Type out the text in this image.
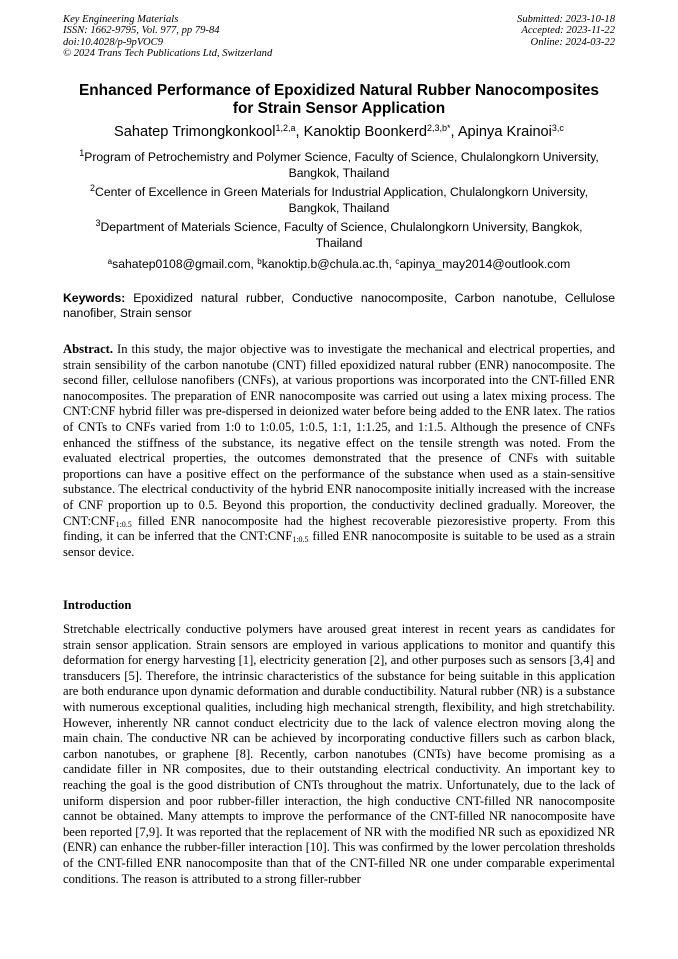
Key Engineering Materials
ISSN: 1662-9795, Vol. 977, pp 79-84
doi:10.4028/p-9pVOC9
© 2024 Trans Tech Publications Ltd, Switzerland
Submitted: 2023-10-18
Accepted: 2023-11-22
Online: 2024-03-22
Enhanced Performance of Epoxidized Natural Rubber Nanocomposites
for Strain Sensor Application
Sahatep Trimongkonkool$^{1,2,a}$, Kanoktip Boonkerd$^{2,3,b*}$, Apinya Krainoi$^{3,c}$
$^1$Program of Petrochemistry and Polymer Science, Faculty of Science, Chulalongkorn University,
Bangkok, Thailand
$^2$Center of Excellence in Green Materials for Industrial Application, Chulalongkorn University,
Bangkok, Thailand
$^3$Department of Materials Science, Faculty of Science, Chulalongkorn University, Bangkok,
Thailand
$^a$sahatep0108@gmail.com, $^b$kanoktip.b@chula.ac.th, $^c$apinya_may2014@outlook.com
Keywords: Epoxidized natural rubber, Conductive nanocomposite, Carbon nanotube, Cellulose nanofiber, Strain sensor
Abstract. In this study, the major objective was to investigate the mechanical and electrical properties, and strain sensibility of the carbon nanotube (CNT) filled epoxidized natural rubber (ENR) nanocomposite. The second filler, cellulose nanofibers (CNFs), at various proportions was incorporated into the CNT-filled ENR nanocomposites. The preparation of ENR nanocomposite was carried out using a latex mixing process. The CNT:CNF hybrid filler was pre-dispersed in deionized water before being added to the ENR latex. The ratios of CNTs to CNFs varied from 1:0 to 1:0.05, 1:0.5, 1:1, 1:1.25, and 1:1.5. Although the presence of CNFs enhanced the stiffness of the substance, its negative effect on the tensile strength was noted. From the evaluated electrical properties, the outcomes demonstrated that the presence of CNFs with suitable proportions can have a positive effect on the performance of the substance when used as a stain-sensitive substance. The electrical conductivity of the hybrid ENR nanocomposite initially increased with the increase of CNF proportion up to 0.5. Beyond this proportion, the conductivity declined gradually. Moreover, the $CNT:CNF_{1:0.5}$ filled ENR nanocomposite had the highest recoverable piezoresistive property. From this finding, it can be inferred that the $CNT:CNF_{1:0.5}$ filled ENR nanocomposite is suitable to be used as a strain sensor device.
Introduction
Stretchable electrically conductive polymers have aroused great interest in recent years as candidates for strain sensor application. Strain sensors are employed in various applications to monitor and quantify this deformation for energy harvesting [1], electricity generation [2], and other purposes such as sensors [3,4] and transducers [5]. Therefore, the intrinsic characteristics of the substance for being suitable in this application are both endurance upon dynamic deformation and durable conductibility. Natural rubber (NR) is a substance with numerous exceptional qualities, including high mechanical strength, flexibility, and high stretchability. However, inherently NR cannot conduct electricity due to the lack of valence electron moving along the main chain. The conductive NR can be achieved by incorporating conductive fillers such as carbon black, carbon nanotubes, or graphene [8]. Recently, carbon nanotubes (CNTs) have become promising as a candidate filler in NR composites, due to their outstanding electrical conductivity. An important key to reaching the goal is the good distribution of CNTs throughout the matrix. Unfortunately, due to the lack of uniform dispersion and poor rubber-filler interaction, the high conductive CNT-filled NR nanocomposite cannot be obtained. Many attempts to improve the performance of the CNT-filled NR nanocomposite have been reported [7,9]. It was reported that the replacement of NR with the modified NR such as epoxidized NR (ENR) can enhance the rubber-filler interaction [10]. This was confirmed by the lower percolation thresholds of the CNT-filled ENR nanocomposite than that of the CNT-filled NR one under comparable experimental conditions. The reason is attributed to a strong filler-rubber
